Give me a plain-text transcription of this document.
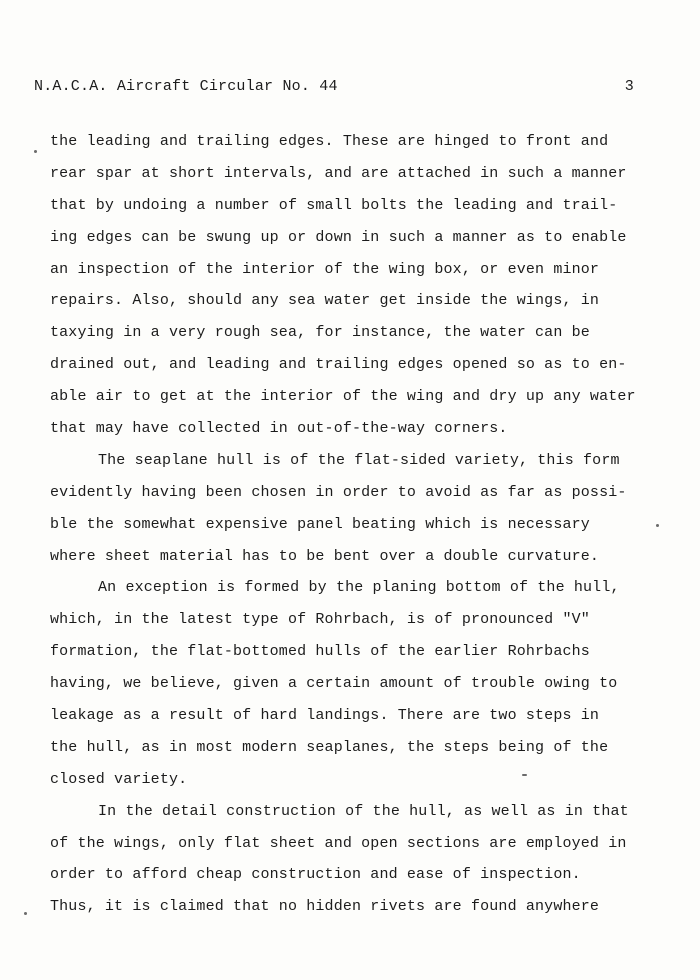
N.A.C.A. Aircraft Circular No. 44	3
the leading and trailing edges. These are hinged to front and
rear spar at short intervals, and are attached in such a manner
that by undoing a number of small bolts the leading and trail-
ing edges can be swung up or down in such a manner as to enable
an inspection of the interior of the wing box, or even minor
repairs. Also, should any sea water get inside the wings, in
taxying in a very rough sea, for instance, the water can be
drained out, and leading and trailing edges opened so as to en-
able air to get at the interior of the wing and dry up any water
that may have collected in out-of-the-way corners.
The seaplane hull is of the flat-sided variety, this form
evidently having been chosen in order to avoid as far as possi-
ble the somewhat expensive panel beating which is necessary
where sheet material has to be bent over a double curvature.
An exception is formed by the planing bottom of the hull,
which, in the latest type of Rohrbach, is of pronounced "V"
formation, the flat-bottomed hulls of the earlier Rohrbachs
having, we believe, given a certain amount of trouble owing to
leakage as a result of hard landings. There are two steps in
the hull, as in most modern seaplanes, the steps being of the
closed variety.
In the detail construction of the hull, as well as in that
of the wings, only flat sheet and open sections are employed in
order to afford cheap construction and ease of inspection.
Thus, it is claimed that no hidden rivets are found anywhere
